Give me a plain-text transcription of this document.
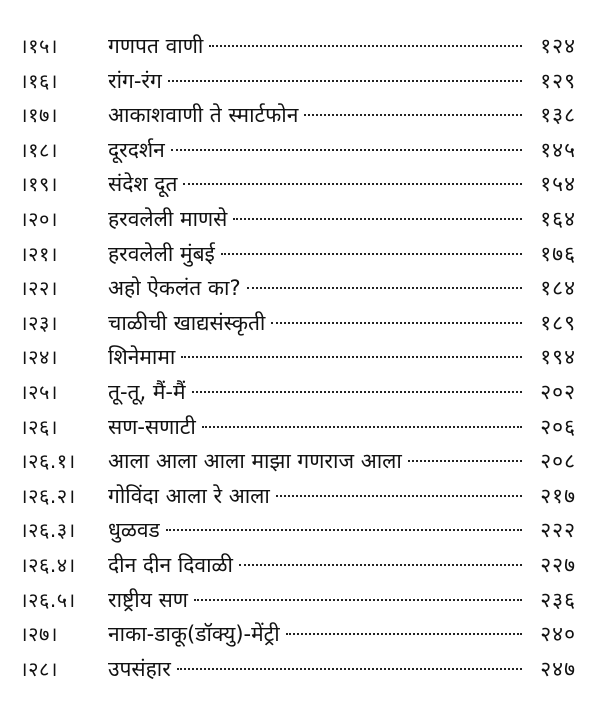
।१५।	गणपत वाणी	१२४
।१६।	रांग-रंग	१२९
।१७।	आकाशवाणी ते स्मार्टफोन	१३८
।१८।	दूरदर्शन	१४५
।१९।	संदेश दूत	१५४
।२०।	हरवलेली माणसे	१६४
।२१।	हरवलेली मुंबई	१७६
।२२।	अहो ऐकलंत का?	१८४
।२३।	चाळीची खाद्यसंस्कृती	१८९
।२४।	शिनेमामा	१९४
।२५।	तू-तू, मैं-मैं	२०२
।२६।	सण-सणाटी	२०६
।२६.१।	आला आला आला माझा गणराज आला	२०८
।२६.२।	गोविंदा आला रे आला	२१७
।२६.३।	धुळवड	२२२
।२६.४।	दीन दीन दिवाळी	२२७
।२६.५।	राष्ट्रीय सण	२३६
।२७।	नाका-डाकू(डॉक्यु)-मेंट्री	२४०
।२८।	उपसंहार	२४७
